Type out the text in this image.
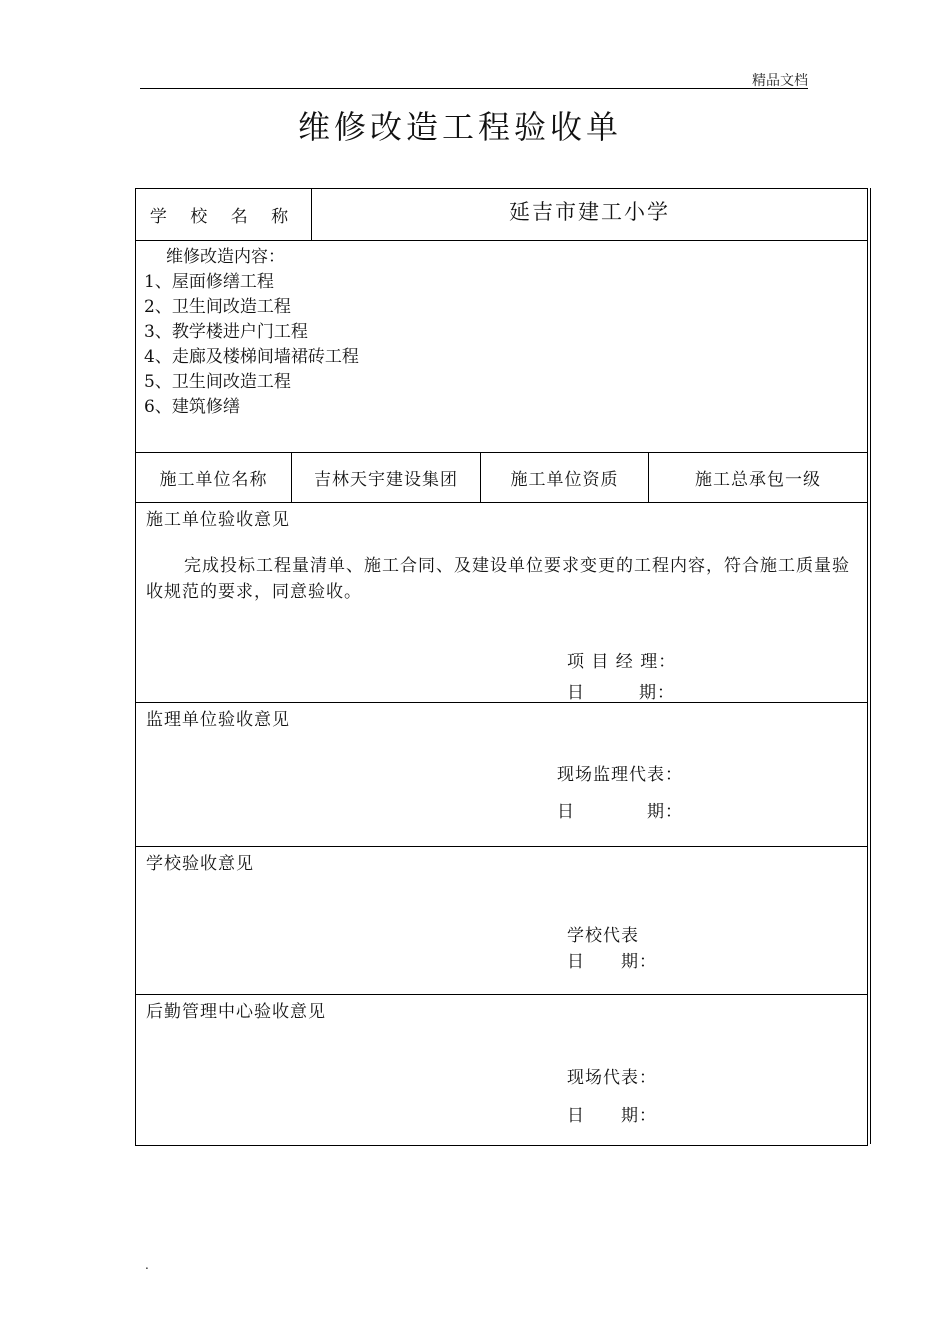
精品文档
维修改造工程验收单
学 校 名 称	延吉市建工小学
维修改造内容：
1、屋面修缮工程
2、卫生间改造工程
3、教学楼进户门工程
4、走廊及楼梯间墙裙砖工程
5、卫生间改造工程
6、建筑修缮
施工单位名称	吉林天宇建设集团	施工单位资质	施工总承包一级
施工单位验收意见
完成投标工程量清单、施工合同、及建设单位要求变更的工程内容，符合施工质量验收规范的要求，同意验收。
项 目 经 理：
日　　　期：
监理单位验收意见
现场监理代表：
日　　　　期：
学校验收意见
学校代表
日　　期：
后勤管理中心验收意见
现场代表：
日　　期：
.
